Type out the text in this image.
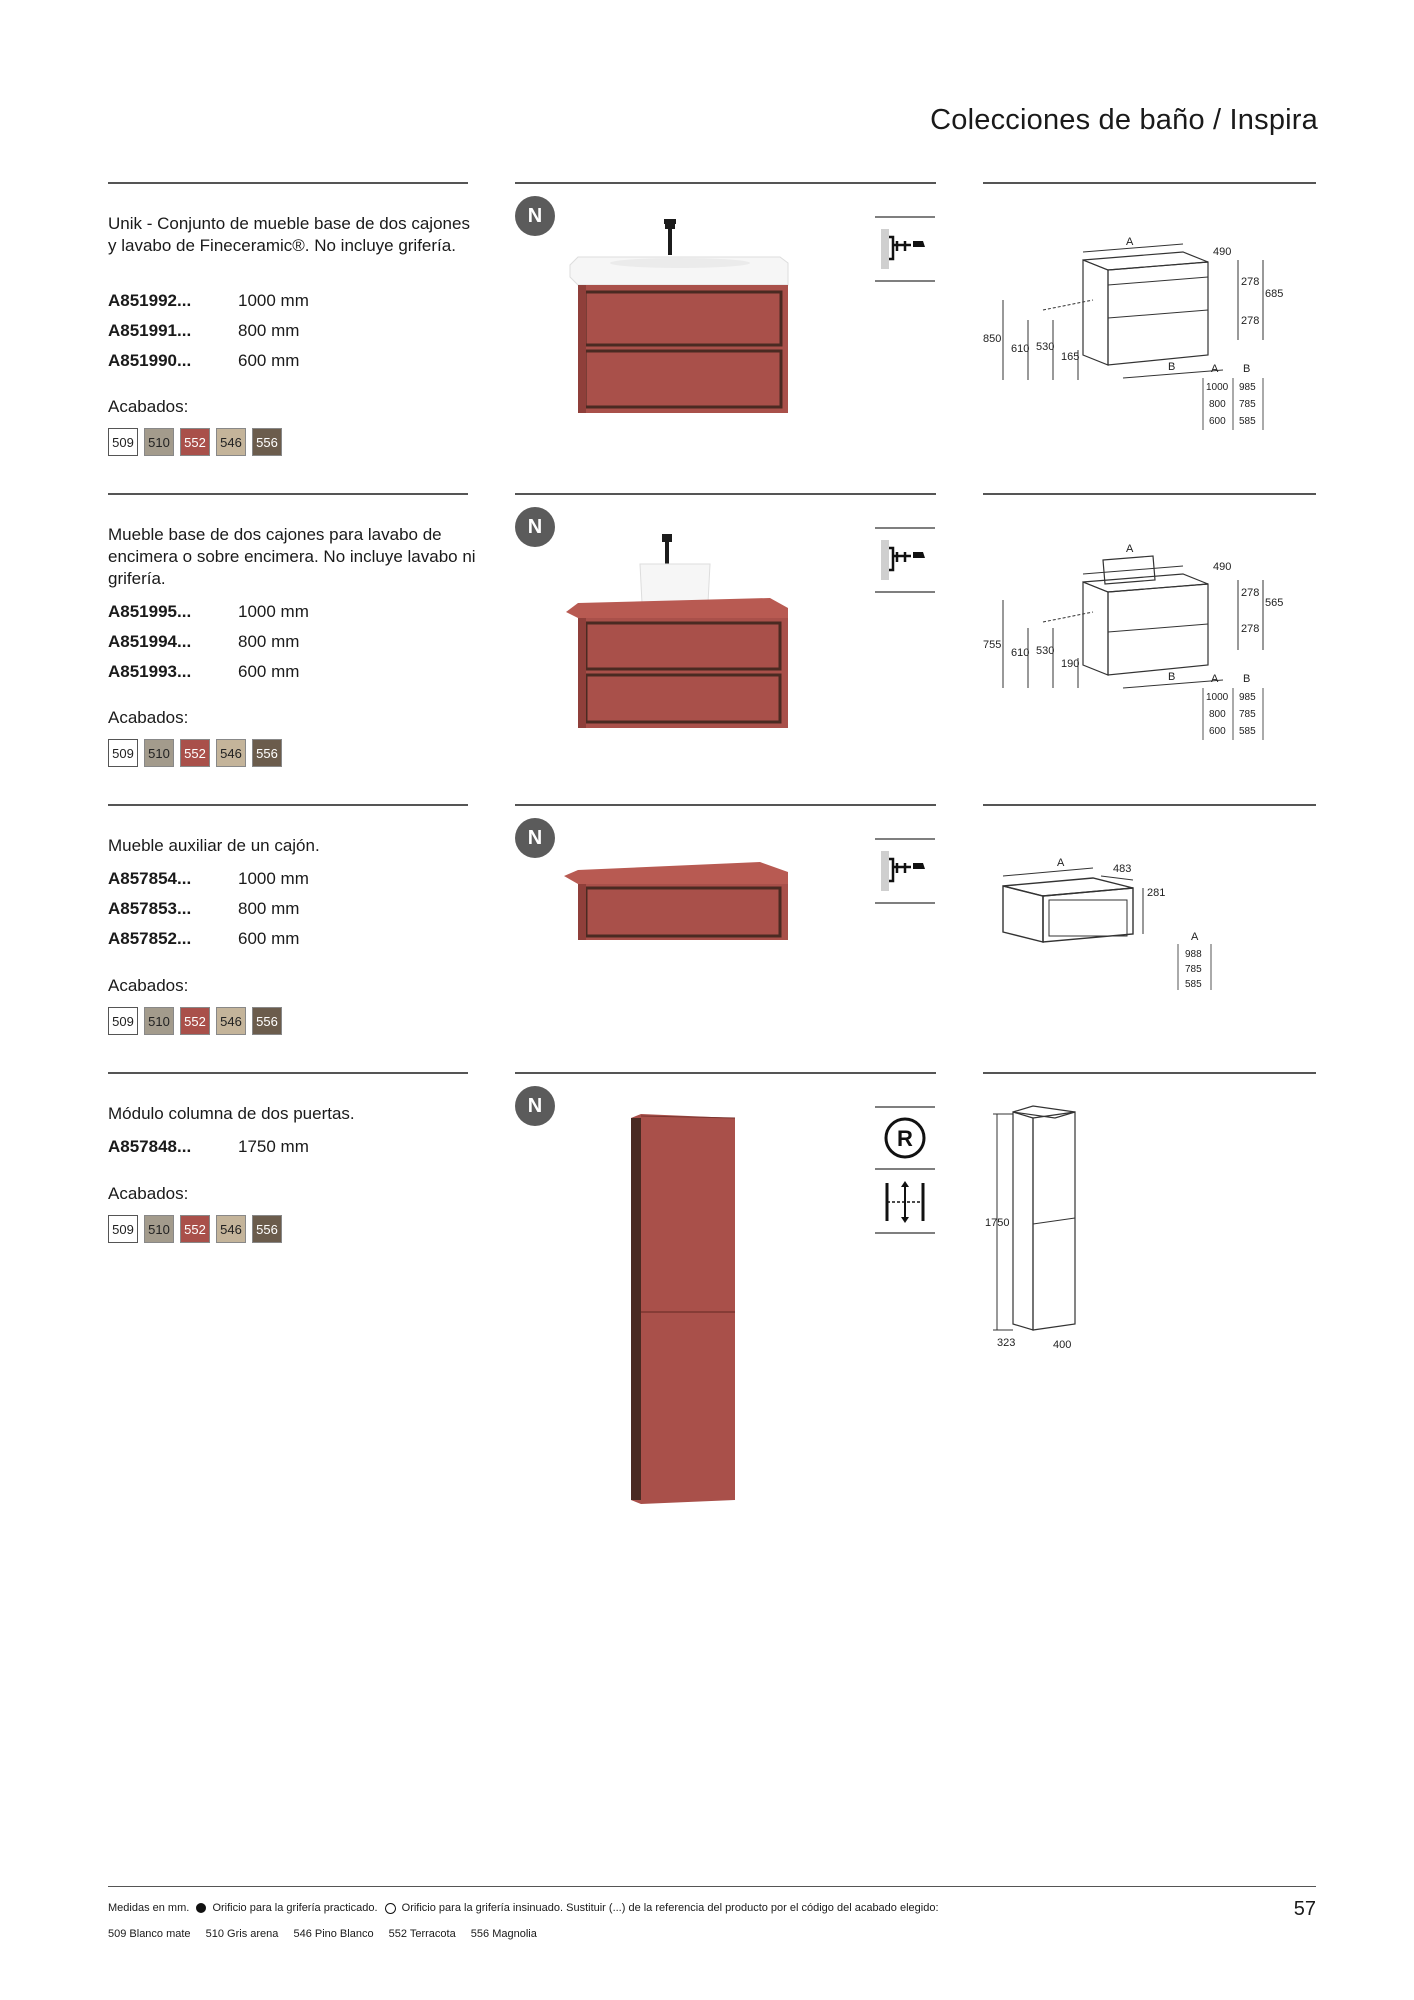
Colecciones de baño / Inspira
Unik - Conjunto de mueble base de dos cajones y lavabo de Fineceramic®. No incluye grifería.
A851992...	1000 mm
A851991...	800 mm
A851990...	600 mm
Acabados:
509	510	552	546	556
N
A
490
278
685
278
850
610 530
165
B	A B
1000 985
800 785
600 585
Mueble base de dos cajones para lavabo de encimera o sobre encimera. No incluye lavabo ni grifería.
A851995...	1000 mm
A851994...	800 mm
A851993...	600 mm
Acabados:
509	510	552	546	556
N
A
490
278
565
278
755
610 530
190
B	A B
1000 985
800 785
600 585
Mueble auxiliar de un cajón.
A857854...	1000 mm
A857853...	800 mm
A857852...	600 mm
Acabados:
509	510	552	546	556
N
A	483
281
A
988
785
585
Módulo columna de dos puertas.
A857848...	1750 mm
Acabados:
509	510	552	546	556
N
R
1750
323	400
Medidas en mm. Orificio para la grifería practicado. Orificio para la grifería insinuado. Sustituir (...) de la referencia del producto por el código del acabado elegido:
509 Blanco mate 510 Gris arena 546 Pino Blanco 552 Terracota 556 Magnolia
57
